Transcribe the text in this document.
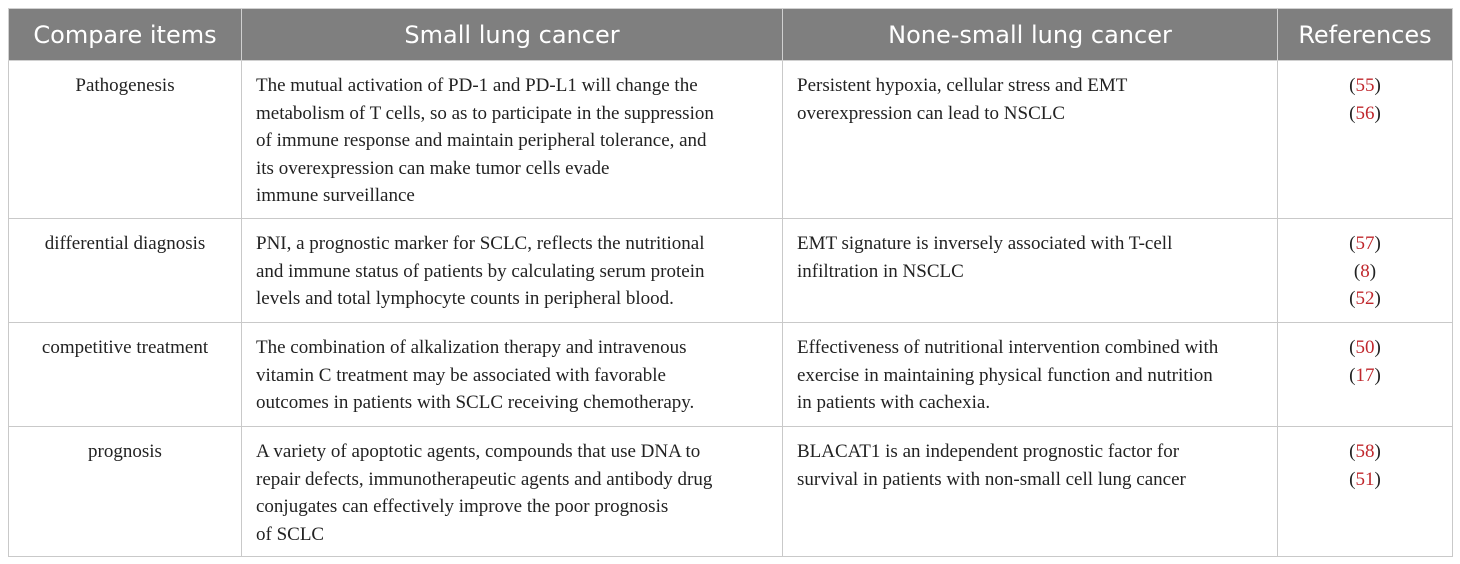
Compare items	Small lung cancer	None-small lung cancer	References
Pathogenesis	The mutual activation of PD-1 and PD-L1 will change the
metabolism of T cells, so as to participate in the suppression
of immune response and maintain peripheral tolerance, and
its overexpression can make tumor cells evade
immune surveillance	Persistent hypoxia, cellular stress and EMT
overexpression can lead to NSCLC	(55)
(56)

differential diagnosis	PNI, a prognostic marker for SCLC, reflects the nutritional
and immune status of patients by calculating serum protein
levels and total lymphocyte counts in peripheral blood.	EMT signature is inversely associated with T-cell
infiltration in NSCLC	(57)
(8)
(52)

competitive treatment	The combination of alkalization therapy and intravenous
vitamin C treatment may be associated with favorable
outcomes in patients with SCLC receiving chemotherapy.	Effectiveness of nutritional intervention combined with
exercise in maintaining physical function and nutrition
in patients with cachexia.	(50)
(17)

prognosis	A variety of apoptotic agents, compounds that use DNA to
repair defects, immunotherapeutic agents and antibody drug
conjugates can effectively improve the poor prognosis
of SCLC	BLACAT1 is an independent prognostic factor for
survival in patients with non-small cell lung cancer	(58)
(51)
